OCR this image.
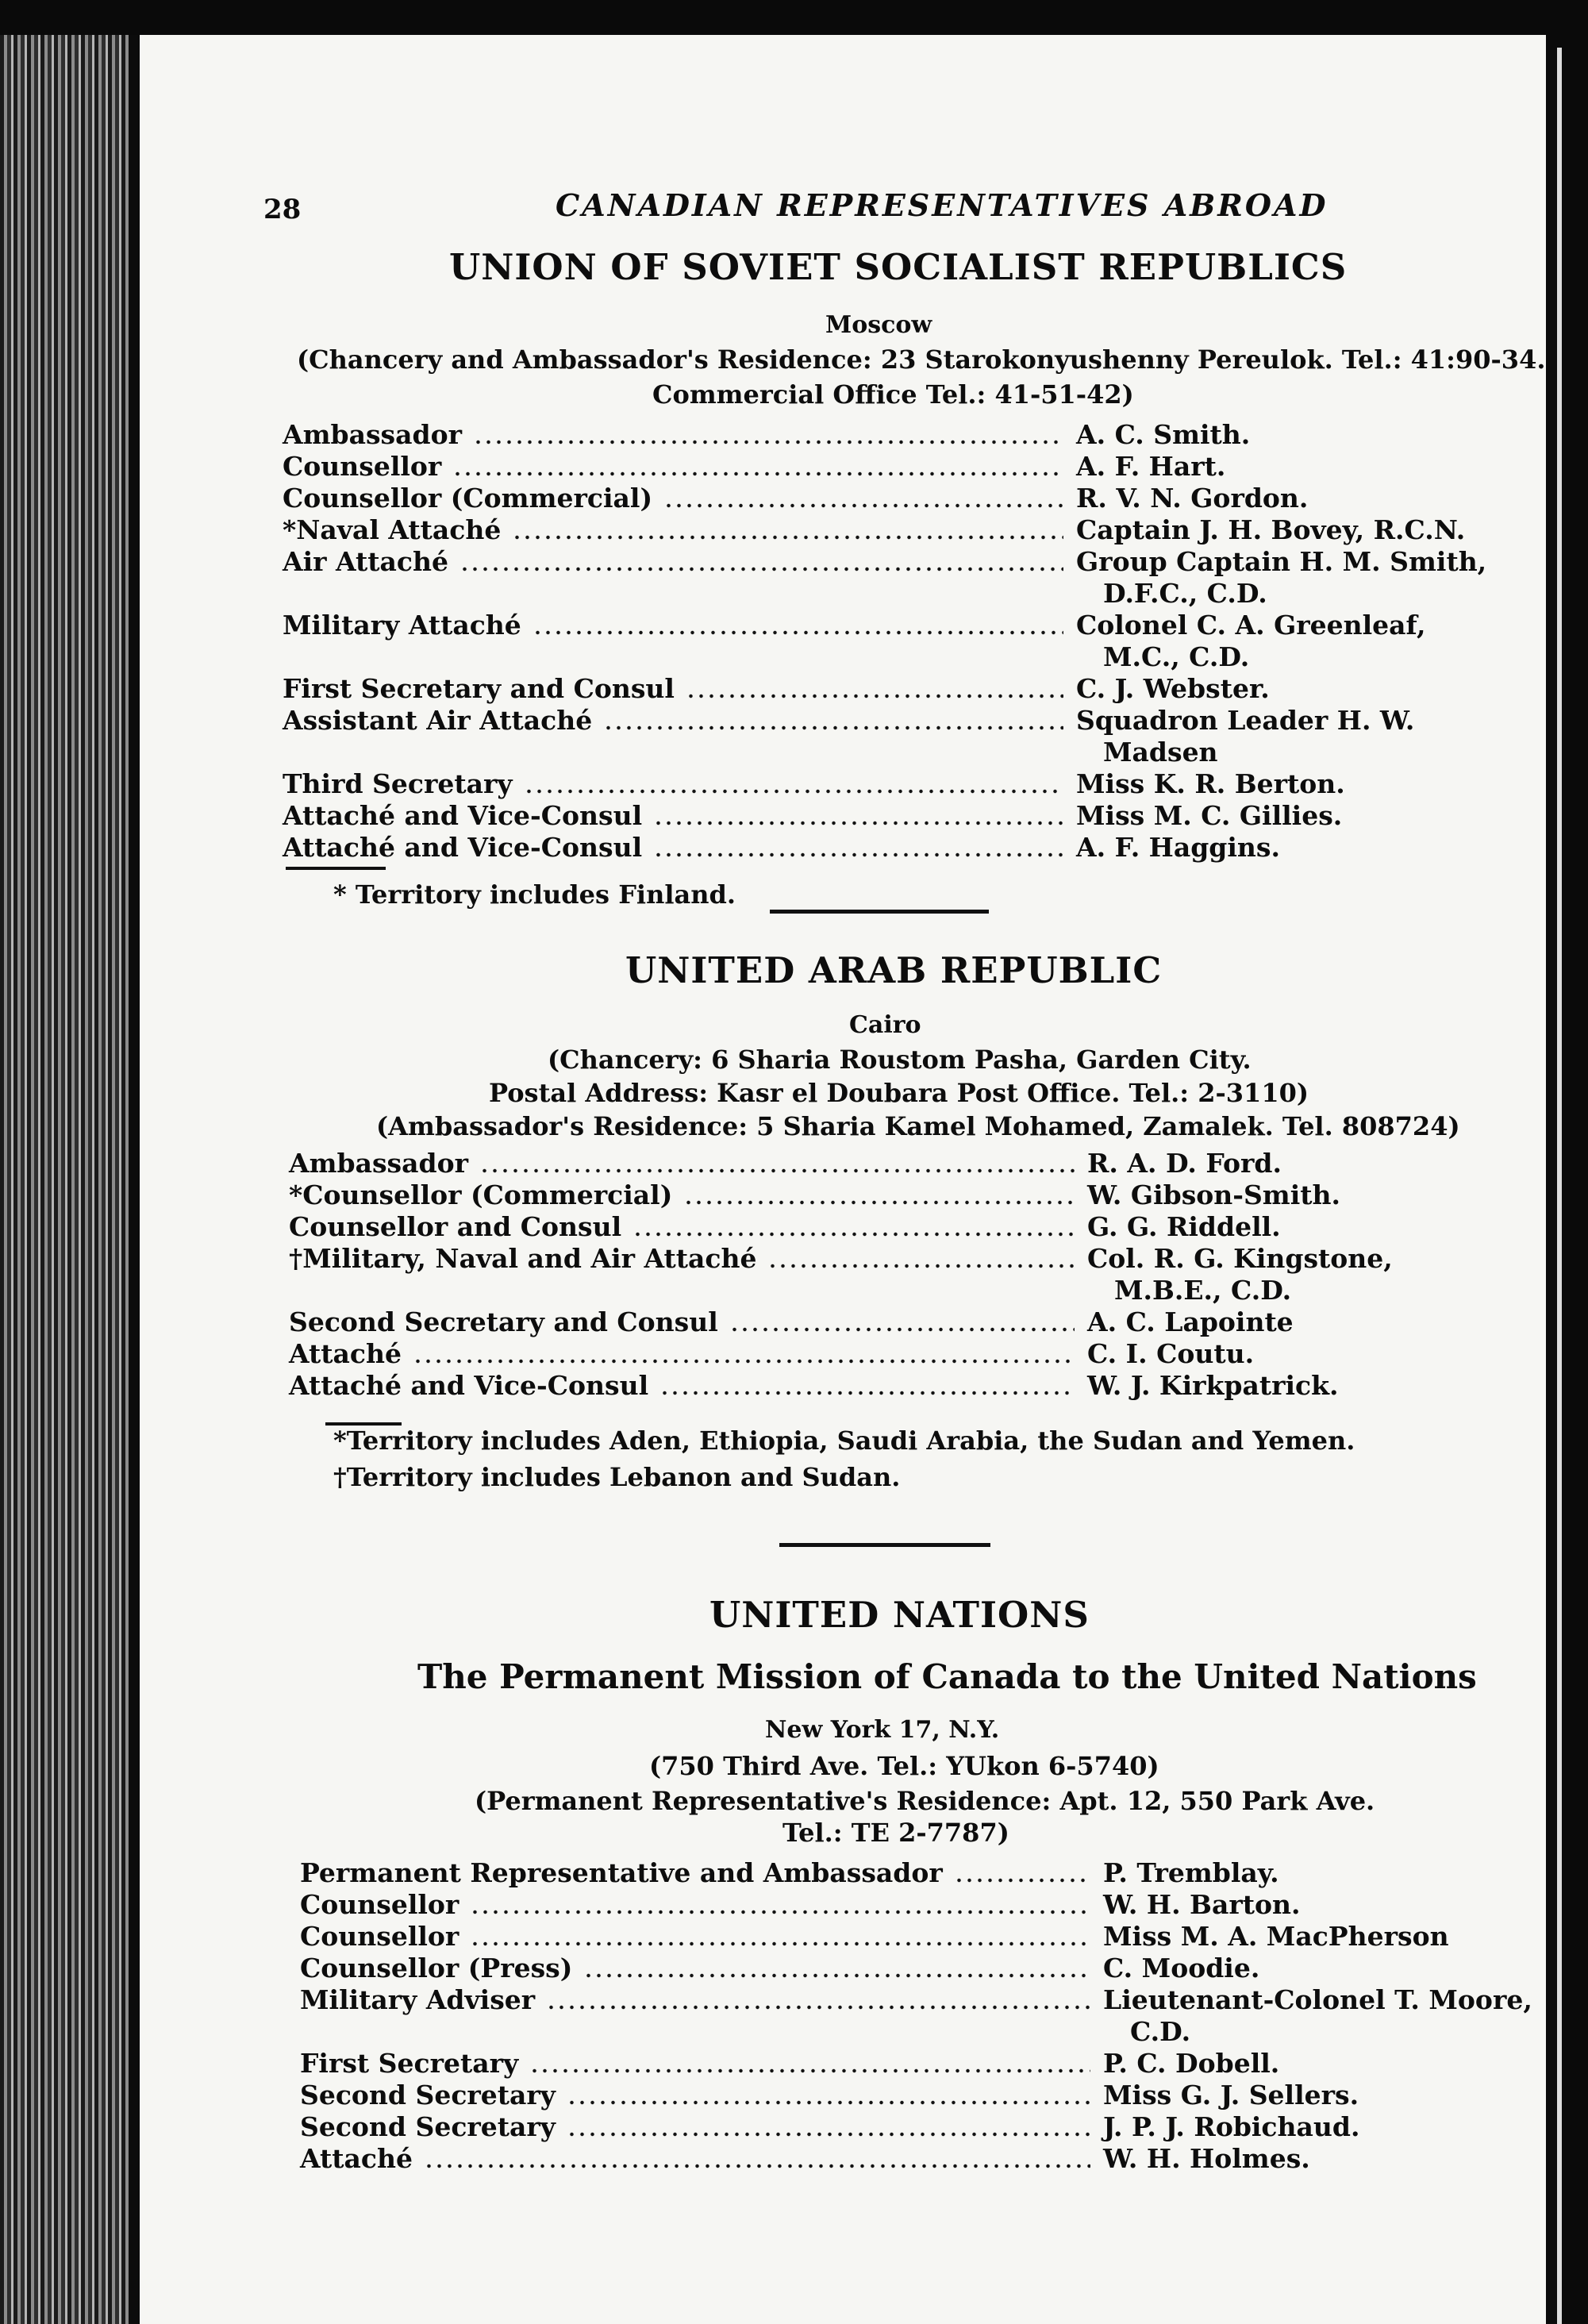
28	CANADIAN REPRESENTATIVES ABROAD
UNION OF SOVIET SOCIALIST REPUBLICS
Moscow
(Chancery and Ambassador's Residence: 23 Starokonyushenny Pereulok. Tel.: 41:90-34.
Commercial Office Tel.: 41-51-42)
Ambassador	A. C. Smith.
Counsellor	A. F. Hart.
Counsellor (Commercial)	R. V. N. Gordon.
*Naval Attaché	Captain J. H. Bovey, R.C.N.
Air Attaché	Group Captain H. M. Smith,
D.F.C., C.D.
Military Attaché	Colonel C. A. Greenleaf,
M.C., C.D.
First Secretary and Consul	C. J. Webster.
Assistant Air Attaché	Squadron Leader H. W.
Madsen
Third Secretary	Miss K. R. Berton.
Attaché and Vice-Consul	Miss M. C. Gillies.
Attaché and Vice-Consul	A. F. Haggins.
* Territory includes Finland.
UNITED ARAB REPUBLIC
Cairo
(Chancery: 6 Sharia Roustom Pasha, Garden City.
Postal Address: Kasr el Doubara Post Office. Tel.: 2-3110)
(Ambassador's Residence: 5 Sharia Kamel Mohamed, Zamalek. Tel. 808724)
Ambassador	R. A. D. Ford.
*Counsellor (Commercial)	W. Gibson-Smith.
Counsellor and Consul	G. G. Riddell.
†Military, Naval and Air Attaché	Col. R. G. Kingstone,
M.B.E., C.D.
Second Secretary and Consul	A. C. Lapointe
Attaché	C. I. Coutu.
Attaché and Vice-Consul	W. J. Kirkpatrick.
*Territory includes Aden, Ethiopia, Saudi Arabia, the Sudan and Yemen.
†Territory includes Lebanon and Sudan.
UNITED NATIONS
The Permanent Mission of Canada to the United Nations
New York 17, N.Y.
(750 Third Ave. Tel.: YUkon 6-5740)
(Permanent Representative's Residence: Apt. 12, 550 Park Ave.
Tel.: TE 2-7787)
Permanent Representative and Ambassador	P. Tremblay.
Counsellor	W. H. Barton.
Counsellor	Miss M. A. MacPherson
Counsellor (Press)	C. Moodie.
Military Adviser	Lieutenant-Colonel T. Moore,
C.D.
First Secretary	P. C. Dobell.
Second Secretary	Miss G. J. Sellers.
Second Secretary	J. P. J. Robichaud.
Attaché	W. H. Holmes.
